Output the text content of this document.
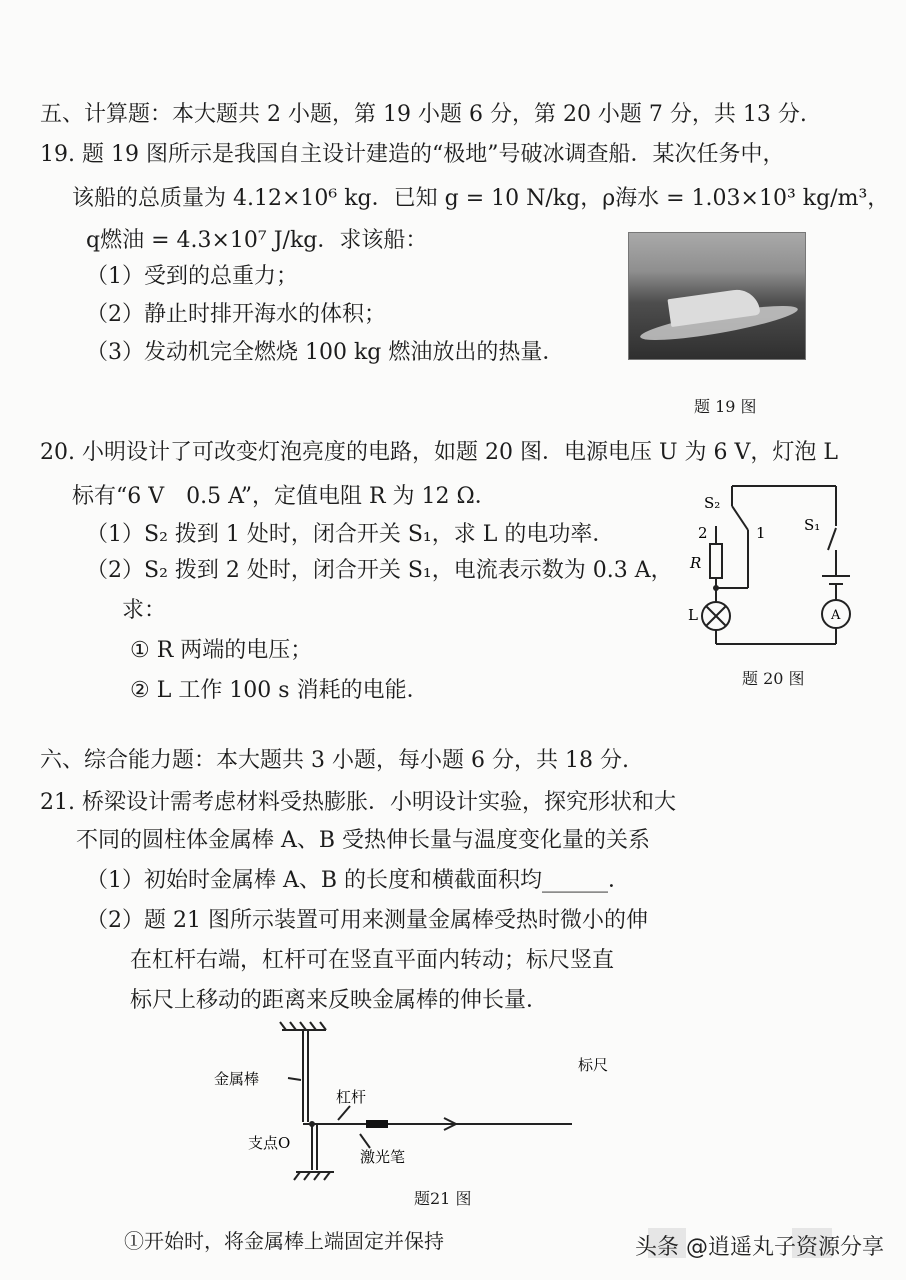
五、计算题：本大题共 2 小题，第 19 小题 6 分，第 20 小题 7 分，共 13 分.
19. 题 19 图所示是我国自主设计建造的“极地”号破冰调查船．某次任务中，
该船的总质量为 4.12×10⁶ kg．已知 g = 10 N/kg，ρ海水 = 1.03×10³ kg/m³，
q燃油 = 4.3×10⁷ J/kg．求该船：
（1）受到的总重力；
（2）静止时排开海水的体积；
（3）发动机完全燃烧 100 kg 燃油放出的热量．
题 19 图
20. 小明设计了可改变灯泡亮度的电路，如题 20 图．电源电压 U 为 6 V，灯泡 L
标有“6 V　0.5 A”，定值电阻 R 为 12 Ω．
（1）S₂ 拨到 1 处时，闭合开关 S₁，求 L 的电功率．
（2）S₂ 拨到 2 处时，闭合开关 S₁，电流表示数为 0.3 A，
求：
① R 两端的电压；
② L 工作 100 s 消耗的电能．
S₂
2	1	S₁
R
L	A
题 20 图
六、综合能力题：本大题共 3 小题，每小题 6 分，共 18 分.
21. 桥梁设计需考虑材料受热膨胀．小明设计实验，探究形状和大
不同的圆柱体金属棒 A、B 受热伸长量与温度变化量的关系
（1）初始时金属棒 A、B 的长度和横截面积均______．
（2）题 21 图所示装置可用来测量金属棒受热时微小的伸
在杠杆右端，杠杆可在竖直平面内转动；标尺竖直
标尺上移动的距离来反映金属棒的伸长量．
金属棒
杠杆
支点O
激光笔
标尺
题21 图
①开始时，将金属棒上端固定并保持	头条 @逍遥丸子资源分享
